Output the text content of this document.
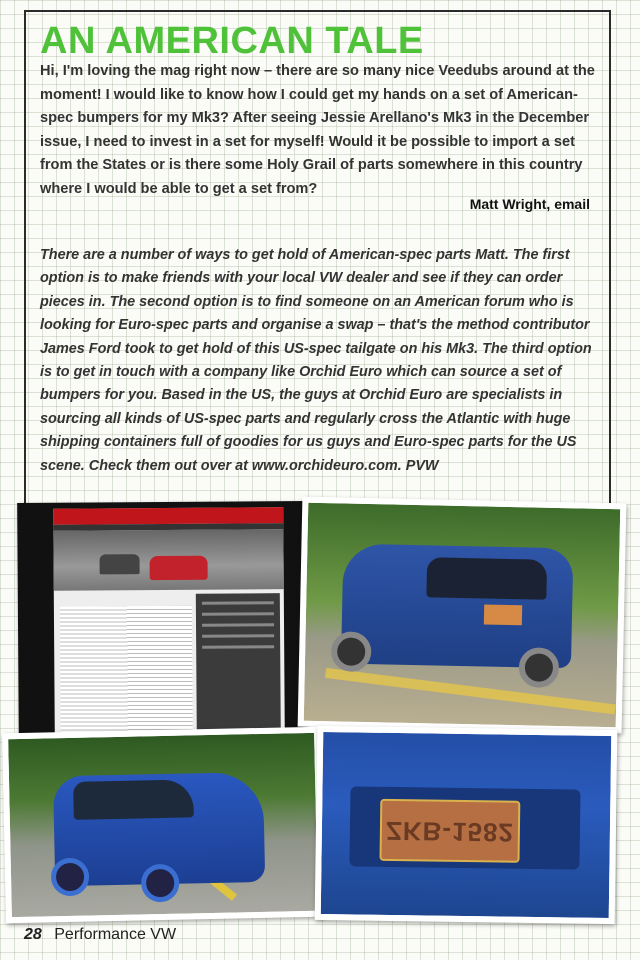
AN AMERICAN TALE

Hi, I'm loving the mag right now – there are so many nice Veedubs around at the moment! I would like to know how I could get my hands on a set of American-spec bumpers for my Mk3? After seeing Jessie Arellano's Mk3 in the December issue, I need to invest in a set for myself! Would it be possible to import a set from the States or is there some Holy Grail of parts somewhere in this country where I would be able to get a set from?

Matt Wright, email

There are a number of ways to get hold of American-spec parts Matt. The first option is to make friends with your local VW dealer and see if they can order pieces in. The second option is to find someone on an American forum who is looking for Euro-spec parts and organise a swap – that's the method contributor James Ford took to get hold of this US-spec tailgate on his Mk3. The third option is to get in touch with a company like Orchid Euro which can source a set of bumpers for you. Based in the US, the guys at Orchid Euro are specialists in sourcing all kinds of US-spec parts and regularly cross the Atlantic with huge shipping containers full of goodies for us guys and Euro-spec parts for the US scene. Check them out over at www.orchideuro.com. PVW

ZKB-1582
28 Performance VW
